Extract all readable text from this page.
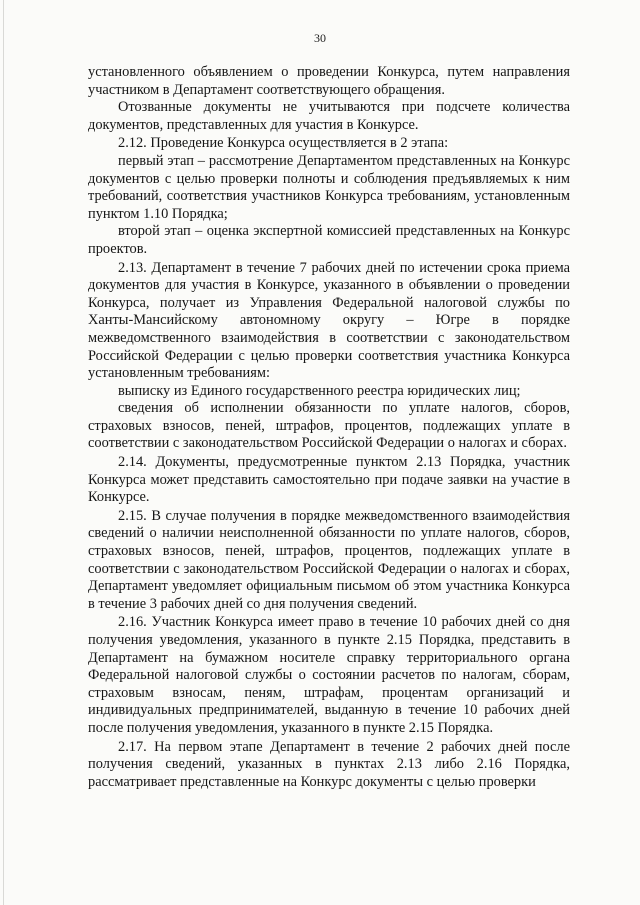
30

установленного объявлением о проведении Конкурса, путем направления участником в Департамент соответствующего обращения.

Отозванные документы не учитываются при подсчете количества документов, представленных для участия в Конкурсе.

2.12. Проведение Конкурса осуществляется в 2 этапа:

первый этап – рассмотрение Департаментом представленных на Конкурс документов с целью проверки полноты и соблюдения предъявляемых к ним требований, соответствия участников Конкурса требованиям, установленным пунктом 1.10 Порядка;

второй этап – оценка экспертной комиссией представленных на Конкурс проектов.

2.13. Департамент в течение 7 рабочих дней по истечении срока приема документов для участия в Конкурсе, указанного в объявлении о проведении Конкурса, получает из Управления Федеральной налоговой службы по Ханты-Мансийскому автономному округу – Югре в порядке межведомственного взаимодействия в соответствии с законодательством Российской Федерации с целью проверки соответствия участника Конкурса установленным требованиям:

выписку из Единого государственного реестра юридических лиц;

сведения об исполнении обязанности по уплате налогов, сборов, страховых взносов, пеней, штрафов, процентов, подлежащих уплате в соответствии с законодательством Российской Федерации о налогах и сборах.

2.14. Документы, предусмотренные пунктом 2.13 Порядка, участник Конкурса может представить самостоятельно при подаче заявки на участие в Конкурсе.

2.15. В случае получения в порядке межведомственного взаимодействия сведений о наличии неисполненной обязанности по уплате налогов, сборов, страховых взносов, пеней, штрафов, процентов, подлежащих уплате в соответствии с законодательством Российской Федерации о налогах и сборах, Департамент уведомляет официальным письмом об этом участника Конкурса в течение 3 рабочих дней со дня получения сведений.

2.16. Участник Конкурса имеет право в течение 10 рабочих дней со дня получения уведомления, указанного в пункте 2.15 Порядка, представить в Департамент на бумажном носителе справку территориального органа Федеральной налоговой службы о состоянии расчетов по налогам, сборам, страховым взносам, пеням, штрафам, процентам организаций и индивидуальных предпринимателей, выданную в течение 10 рабочих дней после получения уведомления, указанного в пункте 2.15 Порядка.

2.17. На первом этапе Департамент в течение 2 рабочих дней после получения сведений, указанных в пунктах 2.13 либо 2.16 Порядка, рассматривает представленные на Конкурс документы с целью проверки
